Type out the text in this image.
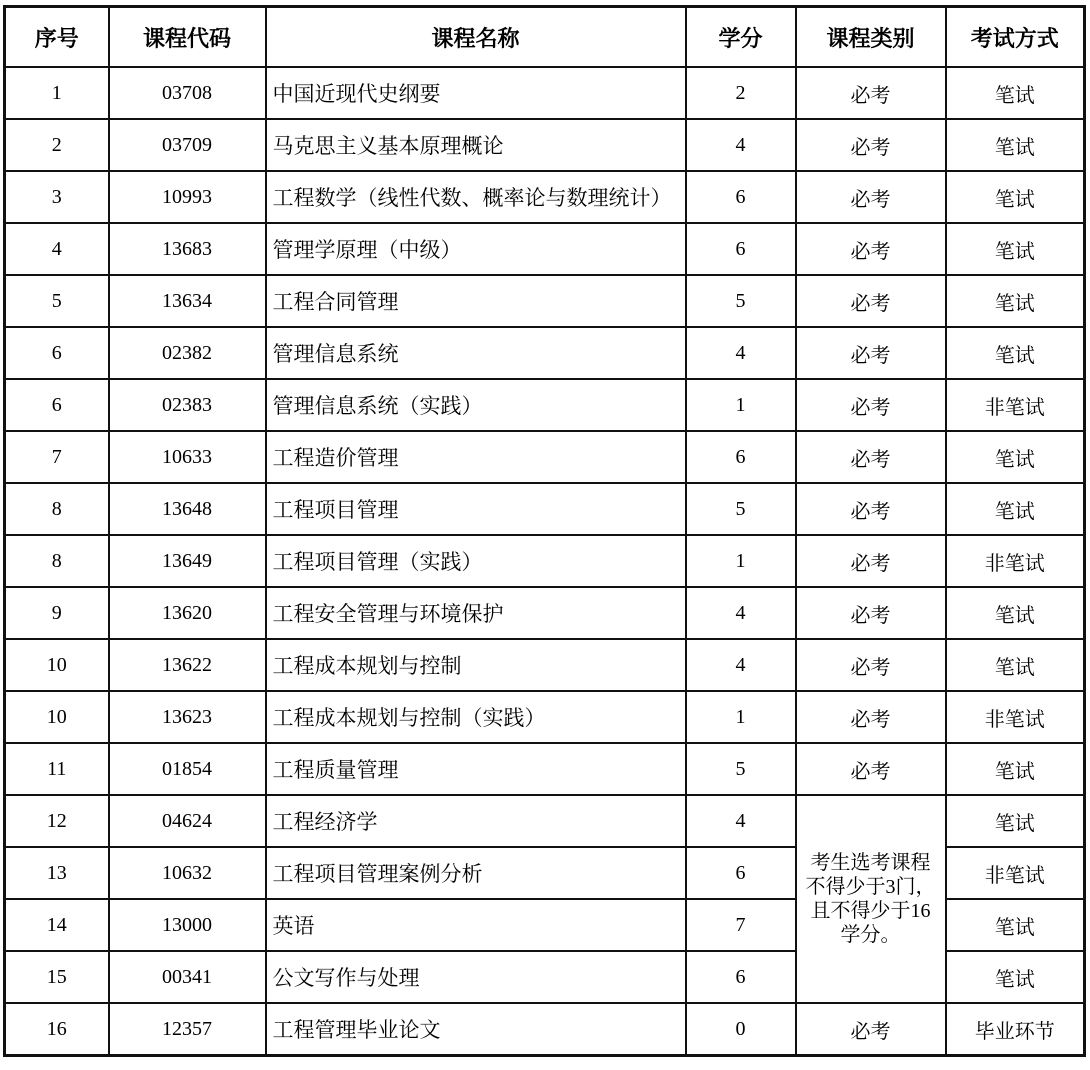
序号	课程代码	课程名称	学分	课程类别	考试方式
1	03708	中国近现代史纲要	2	必考	笔试
2	03709	马克思主义基本原理概论	4	必考	笔试
3	10993	工程数学（线性代数、概率论与数理统计）	6	必考	笔试
4	13683	管理学原理（中级）	6	必考	笔试
5	13634	工程合同管理	5	必考	笔试
6	02382	管理信息系统	4	必考	笔试
6	02383	管理信息系统（实践）	1	必考	非笔试
7	10633	工程造价管理	6	必考	笔试
8	13648	工程项目管理	5	必考	笔试
8	13649	工程项目管理（实践）	1	必考	非笔试
9	13620	工程安全管理与环境保护	4	必考	笔试
10	13622	工程成本规划与控制	4	必考	笔试
10	13623	工程成本规划与控制（实践）	1	必考	非笔试
11	01854	工程质量管理	5	必考	笔试
12	04624	工程经济学	4	考生选考课程不得少于3门，且不得少于16学分。	笔试
13	10632	工程项目管理案例分析	6		非笔试
14	13000	英语	7		笔试
15	00341	公文写作与处理	6		笔试
16	12357	工程管理毕业论文	0	必考	毕业环节
